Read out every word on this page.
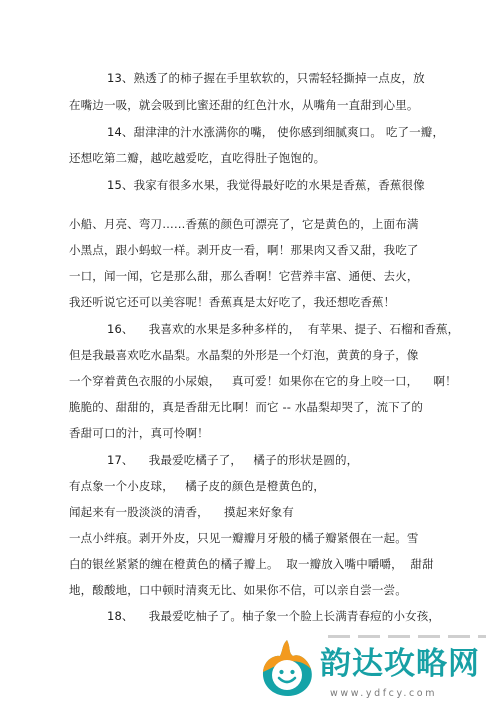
13、熟透了的柿子握在手里软软的，只需轻轻撕掉一点皮，放
在嘴边一吸，就会吸到比蜜还甜的红色汁水，从嘴角一直甜到心里。
14、甜津津的汁水涨满你的嘴， 使你感到细腻爽口。 吃了一瓣，
还想吃第二瓣，越吃越爱吃，直吃得肚子饱饱的。
15、我家有很多水果，我觉得最好吃的水果是香蕉，香蕉很像
小船、月亮、弯刀……香蕉的颜色可漂亮了，它是黄色的，上面布满
小黑点，跟小蚂蚁一样。剥开皮一看，啊！那果肉又香又甜，我吃了
一口，闻一闻，它是那么甜，那么香啊！它营养丰富、通便、去火，
我还听说它还可以美容呢！香蕉真是太好吃了，我还想吃香蕉！
16、    我喜欢的水果是多种多样的，  有苹果、提子、石榴和香蕉，
但是我最喜欢吃水晶梨。水晶梨的外形是一个灯泡，黄黄的身子，像
一个穿着黄色衣服的小尿娘，   真可爱！如果你在它的身上咬一口，    啊！
脆脆的、甜甜的，真是香甜无比啊！而它 -- 水晶梨却哭了，流下了的
香甜可口的汁，真可怜啊！
17、    我最爱吃橘子了，   橘子的形状是圆的，
有点象一个小皮球，   橘子皮的颜色是橙黄色的，
闻起来有一股淡淡的清香，    摸起来好象有
一点小绊痕。剥开外皮，只见一瓣瓣月牙般的橘子瓣紧偎在一起。雪
白的银丝紧紧的缠在橙黄色的橘子瓣上。  取一瓣放入嘴中嚼嚼，  甜甜
地，酸酸地，口中顿时清爽无比、如果你不信，可以亲自尝一尝。
18、    我最爱吃柚子了。柚子象一个脸上长满青春痘的小女孩，
韵达攻略网
www.ydfcy.com
